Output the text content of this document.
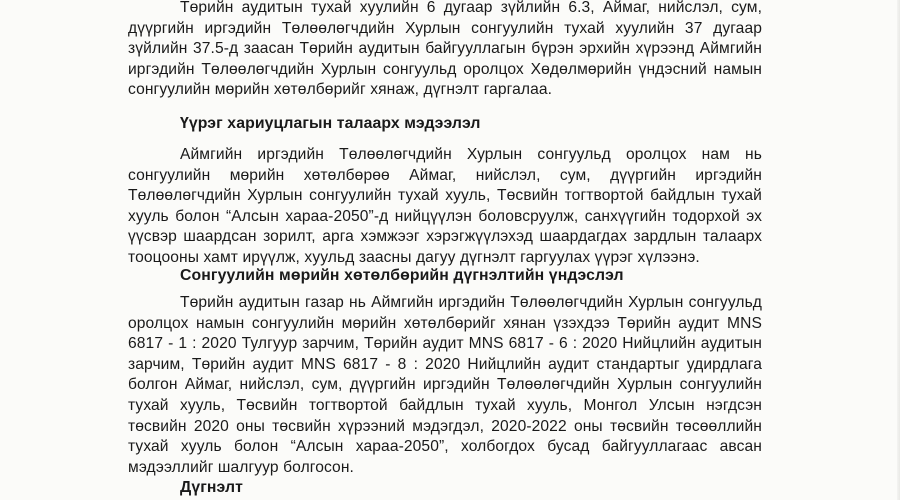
Төрийн аудитын тухай хуулийн 6 дугаар зүйлийн 6.3, Аймаг, нийслэл, сум, дүүргийн иргэдийн Төлөөлөгчдийн Хурлын сонгуулийн тухай хуулийн 37 дугаар зүйлийн 37.5-д заасан Төрийн аудитын байгууллагын бүрэн эрхийн хүрээнд Аймгийн иргэдийн Төлөөлөгчдийн Хурлын сонгуульд оролцох Хөдөлмөрийн үндэсний намын сонгуулийн мөрийн хөтөлбөрийг хянаж, дүгнэлт гаргалаа.

Үүрэг хариуцлагын талаарх мэдээлэл

Аймгийн иргэдийн Төлөөлөгчдийн Хурлын сонгуульд оролцох нам нь сонгуулийн мөрийн хөтөлбөрөө Аймаг, нийслэл, сум, дүүргийн иргэдийн Төлөөлөгчдийн Хурлын сонгуулийн тухай хууль, Төсвийн тогтвортой байдлын тухай хууль болон “Алсын хараа-2050”-д нийцүүлэн боловсруулж, санхүүгийн тодорхой эх үүсвэр шаардсан зорилт, арга хэмжээг хэрэгжүүлэхэд шаардагдах зардлын талаарх тооцооны хамт ирүүлж, хуульд заасны дагуу дүгнэлт гаргуулах үүрэг хүлээнэ.

Сонгуулийн мөрийн хөтөлбөрийн дүгнэлтийн үндэслэл

Төрийн аудитын газар нь Аймгийн иргэдийн Төлөөлөгчдийн Хурлын сонгуульд оролцох намын сонгуулийн мөрийн хөтөлбөрийг хянан үзэхдээ Төрийн аудит MNS 6817 - 1 : 2020 Тулгуур зарчим, Төрийн аудит MNS 6817 - 6 : 2020 Нийцлийн аудитын зарчим, Төрийн аудит MNS 6817 - 8 : 2020 Нийцлийн аудит стандартыг удирдлага болгон Аймаг, нийслэл, сум, дүүргийн иргэдийн Төлөөлөгчдийн Хурлын сонгуулийн тухай хууль, Төсвийн тогтвортой байдлын тухай хууль, Монгол Улсын нэгдсэн төсвийн 2020 оны төсвийн хүрээний мэдэгдэл, 2020-2022 оны төсвийн төсөөллийн тухай хууль болон “Алсын хараа-2050”, холбогдох бусад байгууллагаас авсан мэдээллийг шалгуур болгосон.

Дүгнэлт
